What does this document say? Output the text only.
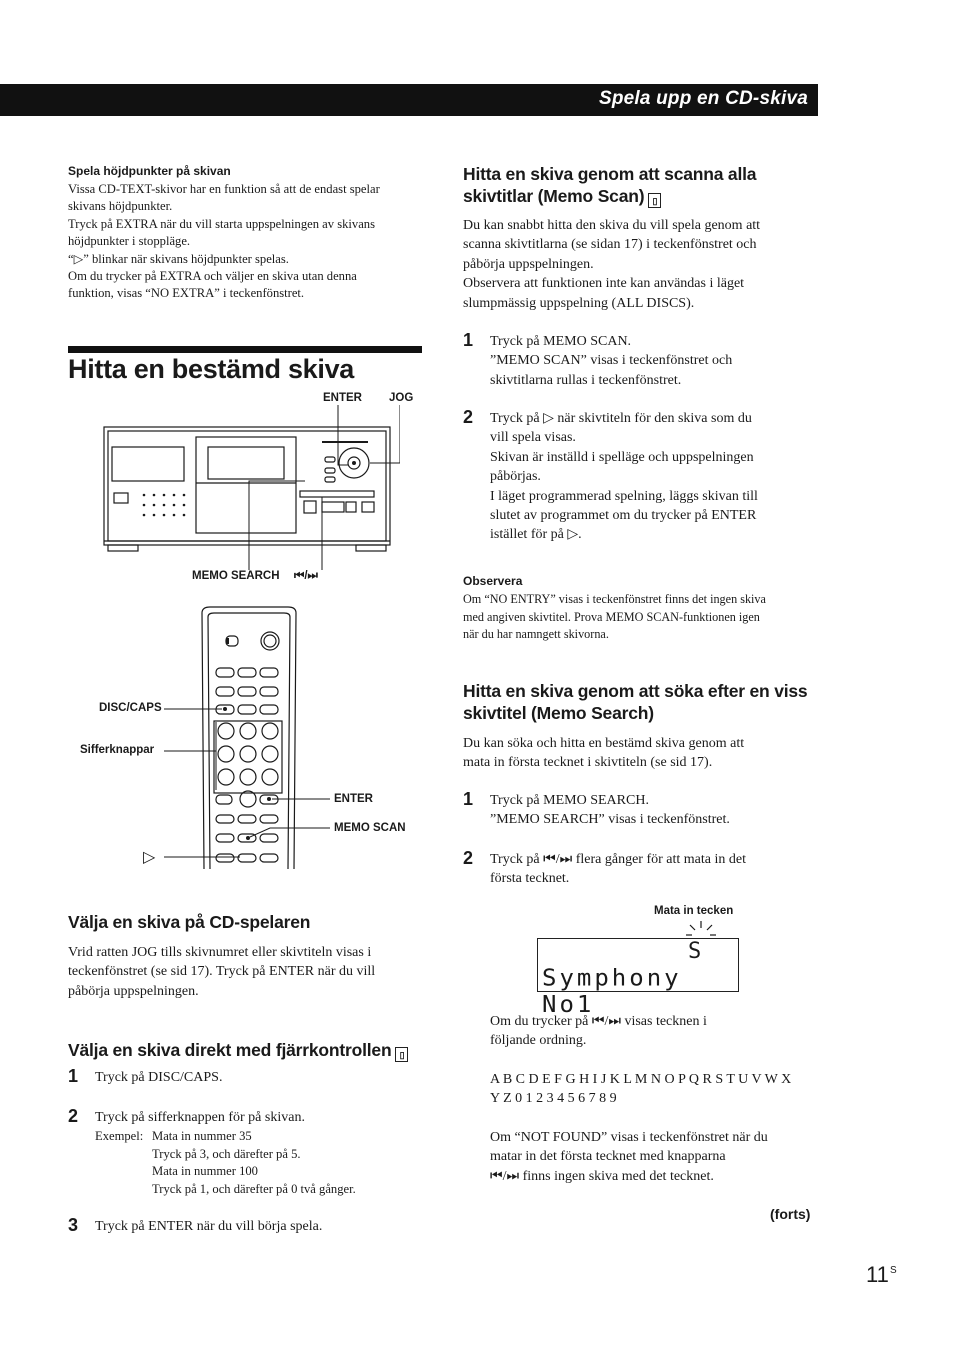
Spela upp en CD-skiva
Spela höjdpunkter på skivan
Vissa CD-TEXT-skivor har en funktion så att de endast spelar
skivans höjdpunkter.
Tryck på EXTRA när du vill starta uppspelningen av skivans
höjdpunkter i stoppläge.
“▷” blinkar när skivans höjdpunkter spelas.
Om du trycker på EXTRA och väljer en skiva utan denna
funktion, visas “NO EXTRA” i teckenfönstret.
Hitta en bestämd skiva
ENTER JOG
MEMO SEARCH ⏮/⏭
DISC/CAPS
Sifferknappar
ENTER
MEMO SCAN
▷
Välja en skiva på CD-spelaren
Vrid ratten JOG tills skivnumret eller skivtiteln visas i
teckenfönstret (se sid 17). Tryck på ENTER när du vill
påbörja uppspelningen.
Välja en skiva direkt med fjärrkontrollen ▯
1 Tryck på DISC/CAPS.
2 Tryck på sifferknappen för på skivan.
Exempel: Mata in nummer 35
Tryck på 3, och därefter på 5.
Mata in nummer 100
Tryck på 1, och därefter på 0 två gånger.
3 Tryck på ENTER när du vill börja spela.
Hitta en skiva genom att scanna alla
skivtitlar (Memo Scan) ▯
Du kan snabbt hitta den skiva du vill spela genom att
scanna skivtitlarna (se sidan 17) i teckenfönstret och
påbörja uppspelningen.
Observera att funktionen inte kan användas i läget
slumpmässig uppspelning (ALL DISCS).
1 Tryck på MEMO SCAN.
”MEMO SCAN” visas i teckenfönstret och
skivtitlarna rullas i teckenfönstret.
2 Tryck på ▷ när skivtiteln för den skiva som du
vill spela visas.
Skivan är inställd i spelläge och uppspelningen
påbörjas.
I läget programmerad spelning, läggs skivan till
slutet av programmet om du trycker på ENTER
istället för på ▷.
Observera
Om “NO ENTRY” visas i teckenfönstret finns det ingen skiva
med angiven skivtitel. Prova MEMO SCAN-funktionen igen
när du har namngett skivorna.
Hitta en skiva genom att söka efter en viss
skivtitel (Memo Search)
Du kan söka och hitta en bestämd skiva genom att
mata in första tecknet i skivtiteln (se sid 17).
1 Tryck på MEMO SEARCH.
”MEMO SEARCH” visas i teckenfönstret.
2 Tryck på ⏮/⏭ flera gånger för att mata in det
första tecknet.
Mata in tecken
S
Symphony No1
Om du trycker på ⏮/⏭ visas tecknen i
följande ordning.
A B C D E F G H I J K L M N O P Q R S T U V W X
Y Z 0 1 2 3 4 5 6 7 8 9
Om “NOT FOUND” visas i teckenfönstret när du
matar in det första tecknet med knapparna
⏮/⏭ finns ingen skiva med det tecknet.
(forts)
11 S
